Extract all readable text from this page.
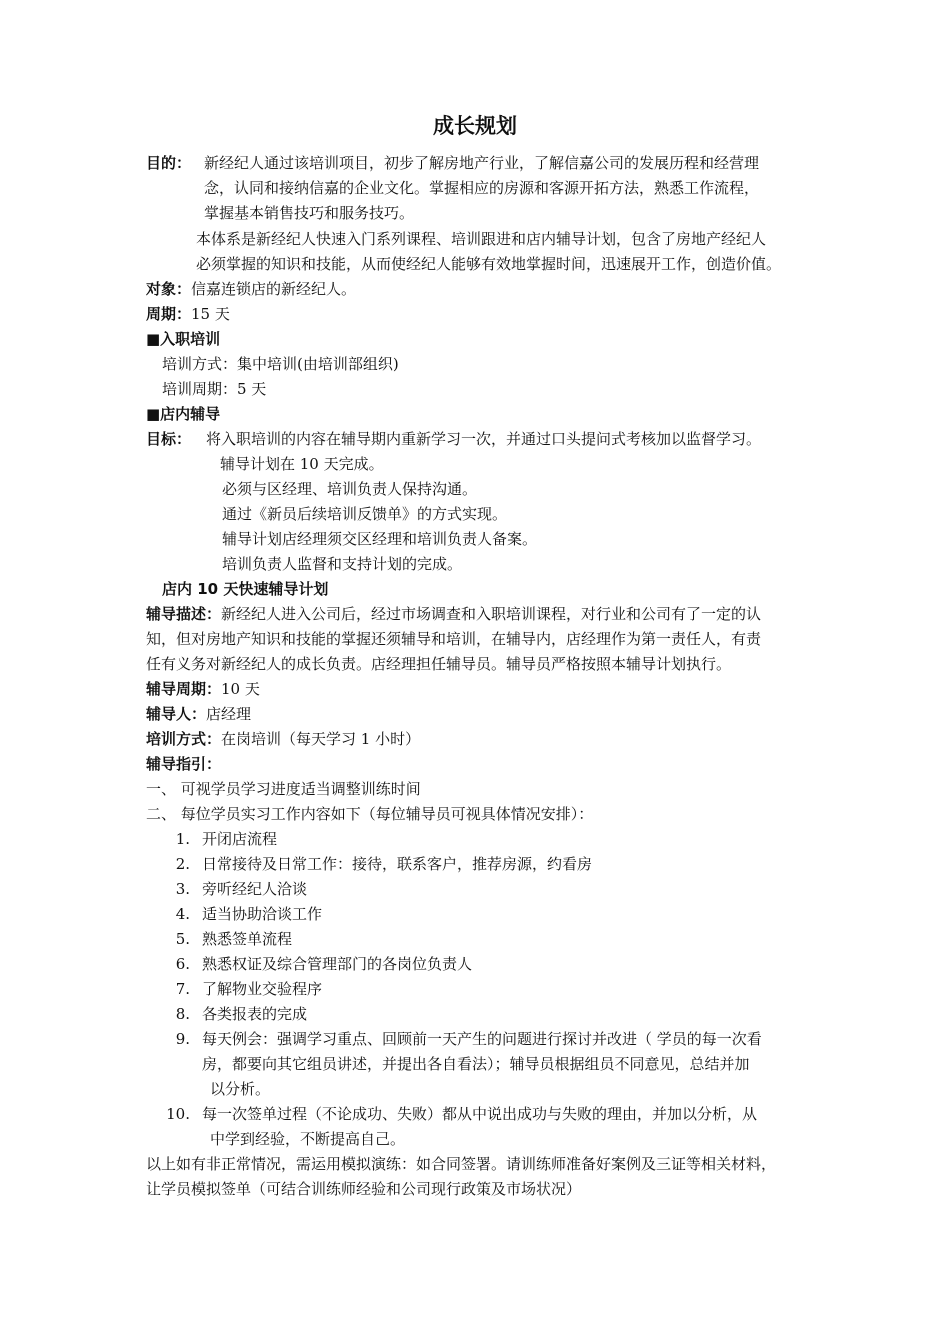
成长规划
目的： 新经纪人通过该培训项目，初步了解房地产行业，了解信嘉公司的发展历程和经营理
念，认同和接纳信嘉的企业文化。掌握相应的房源和客源开拓方法，熟悉工作流程，
掌握基本销售技巧和服务技巧。
本体系是新经纪人快速入门系列课程、培训跟进和店内辅导计划，包含了房地产经纪人
必须掌握的知识和技能，从而使经纪人能够有效地掌握时间，迅速展开工作，创造价值。
对象：信嘉连锁店的新经纪人。
周期：15 天
■入职培训
培训方式：集中培训(由培训部组织)
培训周期：5 天
■店内辅导
目标： 将入职培训的内容在辅导期内重新学习一次，并通过口头提问式考核加以监督学习。
辅导计划在 10 天完成。
必须与区经理、培训负责人保持沟通。
通过《新员后续培训反馈单》的方式实现。
辅导计划店经理须交区经理和培训负责人备案。
培训负责人监督和支持计划的完成。
店内 10 天快速辅导计划
辅导描述：新经纪人进入公司后，经过市场调查和入职培训课程，对行业和公司有了一定的认
知，但对房地产知识和技能的掌握还须辅导和培训，在辅导内，店经理作为第一责任人，有责
任有义务对新经纪人的成长负责。店经理担任辅导员。辅导员严格按照本辅导计划执行。
辅导周期：10 天
辅导人：店经理
培训方式：在岗培训（每天学习 1 小时）
辅导指引：
一、 可视学员学习进度适当调整训练时间
二、 每位学员实习工作内容如下（每位辅导员可视具体情况安排）：
1. 开闭店流程
2. 日常接待及日常工作：接待，联系客户，推荐房源，约看房
3. 旁听经纪人洽谈
4. 适当协助洽谈工作
5. 熟悉签单流程
6. 熟悉权证及综合管理部门的各岗位负责人
7. 了解物业交验程序
8. 各类报表的完成
9. 每天例会：强调学习重点、回顾前一天产生的问题进行探讨并改进（ 学员的每一次看
房，都要向其它组员讲述，并提出各自看法）；辅导员根据组员不同意见，总结并加
以分析。
10. 每一次签单过程（不论成功、失败）都从中说出成功与失败的理由，并加以分析，从
中学到经验，不断提高自己。
以上如有非正常情况，需运用模拟演练：如合同签署。请训练师准备好案例及三证等相关材料，
让学员模拟签单（可结合训练师经验和公司现行政策及市场状况）
